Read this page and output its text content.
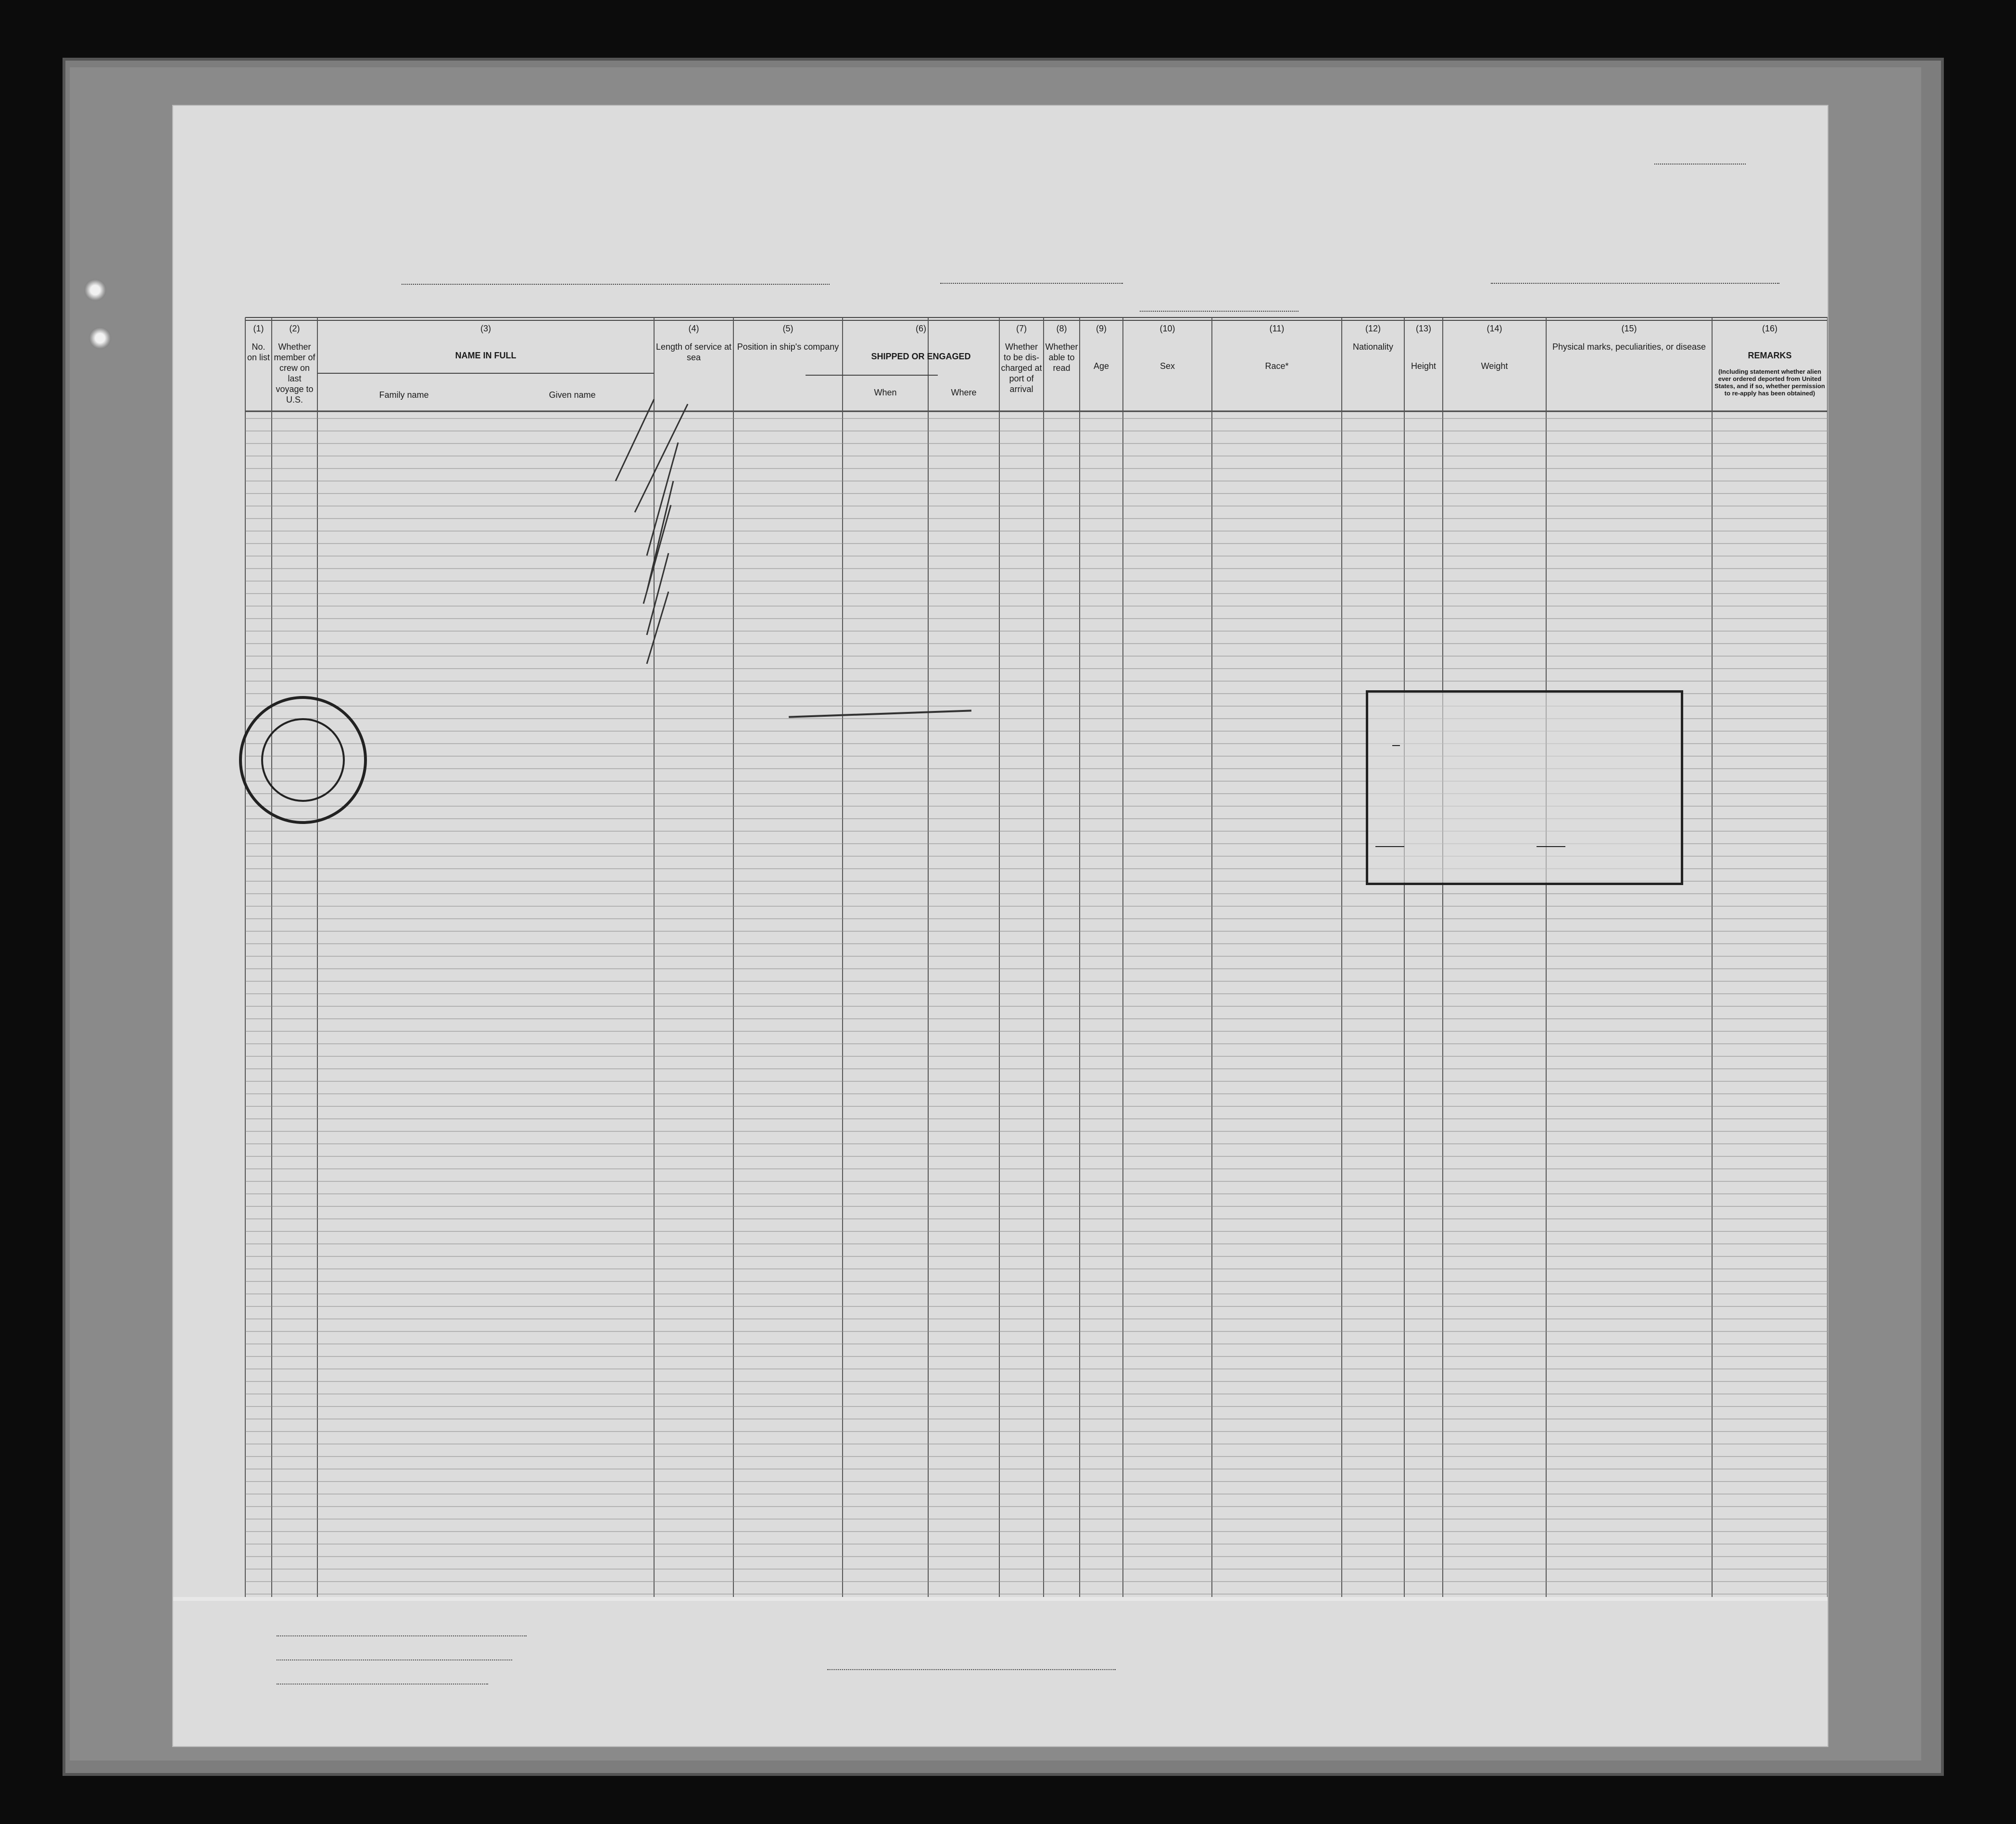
(1)
No. on list
(2)
Whether member of crew on last voyage to U.S.
(3)
NAME IN FULL
Family name	Given name
(4)
Length of service at sea
(5)
Position in ship's company
(6)
SHIPPED OR ENGAGED
When	Where
(7)
Whether to be dis-charged at port of arrival
(8)
Whether able to read
(9)
Age
(10)
Sex
(11)
Race*
(12)
Nationality
(13)
Height
(14)
Weight
(15)
Physical marks, peculiarities, or disease
(16)
REMARKS
(Including statement whether alien ever ordered deported from United States, and if so, whether permission to re-apply has been obtained)
